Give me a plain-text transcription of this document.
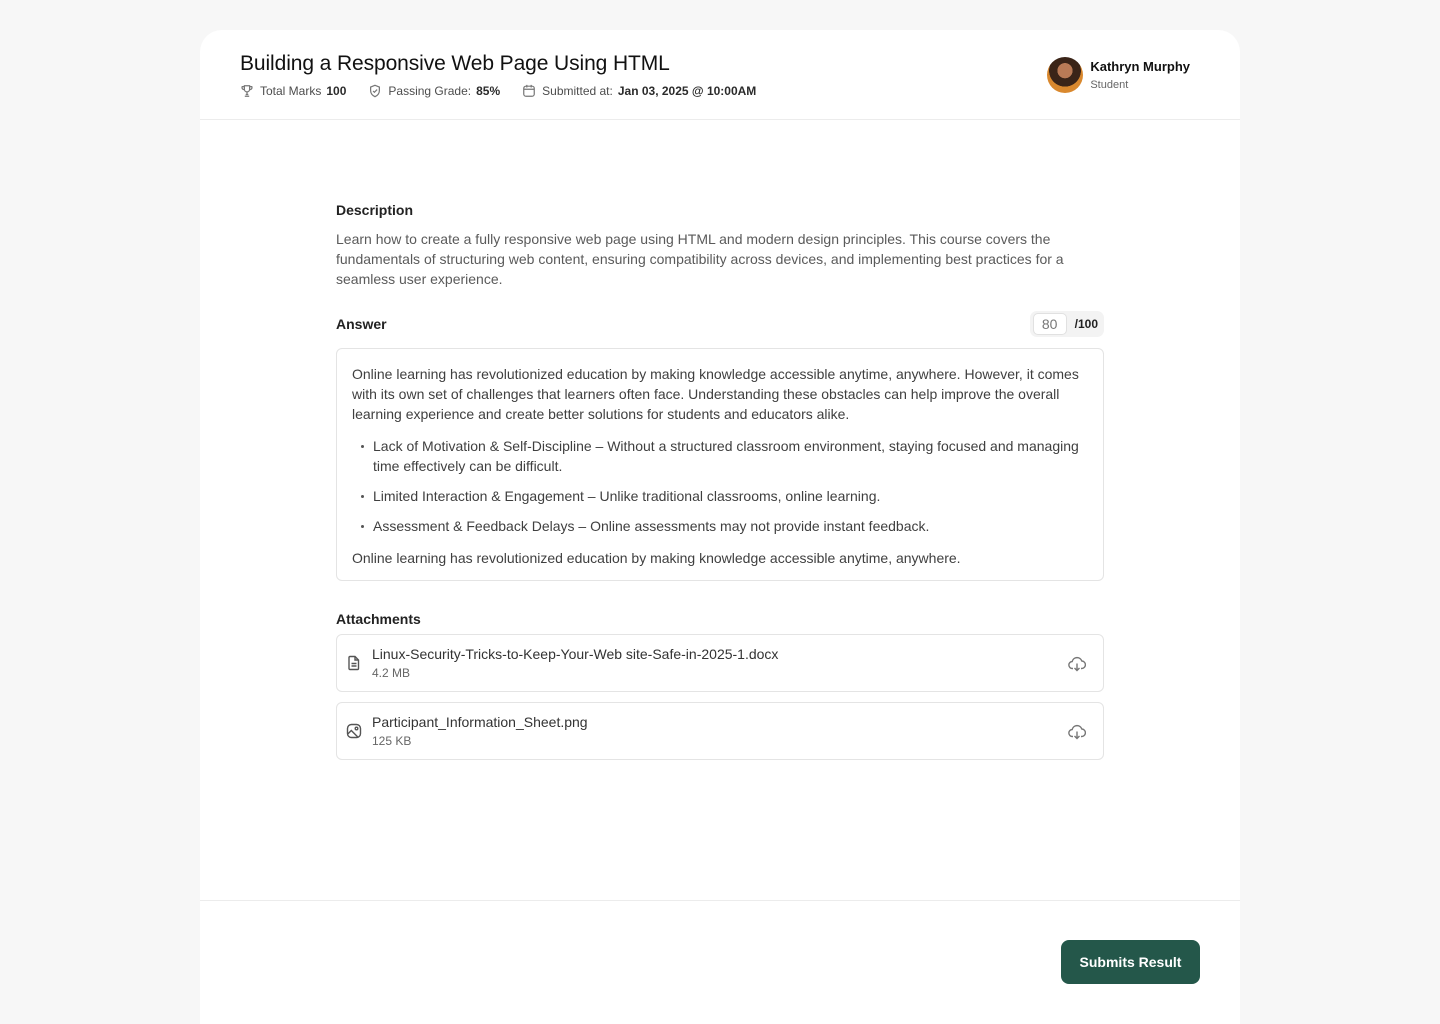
Building a Responsive Web Page Using HTML
Total Marks 100	Passing Grade: 85%	Submitted at: Jan 03, 2025 @ 10:00AM
Kathryn Murphy
Student
Description

Learn how to create a fully responsive web page using HTML and modern design principles. This course covers the fundamentals of structuring web content, ensuring compatibility across devices, and implementing best practices for a seamless user experience.

Answer
80	/100

Online learning has revolutionized education by making knowledge accessible anytime, anywhere. However, it comes with its own set of challenges that learners often face. Understanding these obstacles can help improve the overall learning experience and create better solutions for students and educators alike.

Lack of Motivation & Self-Discipline – Without a structured classroom environment, staying focused and managing time effectively can be difficult.
Limited Interaction & Engagement – Unlike traditional classrooms, online learning.
Assessment & Feedback Delays – Online assessments may not provide instant feedback.

Online learning has revolutionized education by making knowledge accessible anytime, anywhere.

Attachments
Linux-Security-Tricks-to-Keep-Your-Web site-Safe-in-2025-1.docx
4.2 MB
Participant_Information_Sheet.png
125 KB
Submits Result
